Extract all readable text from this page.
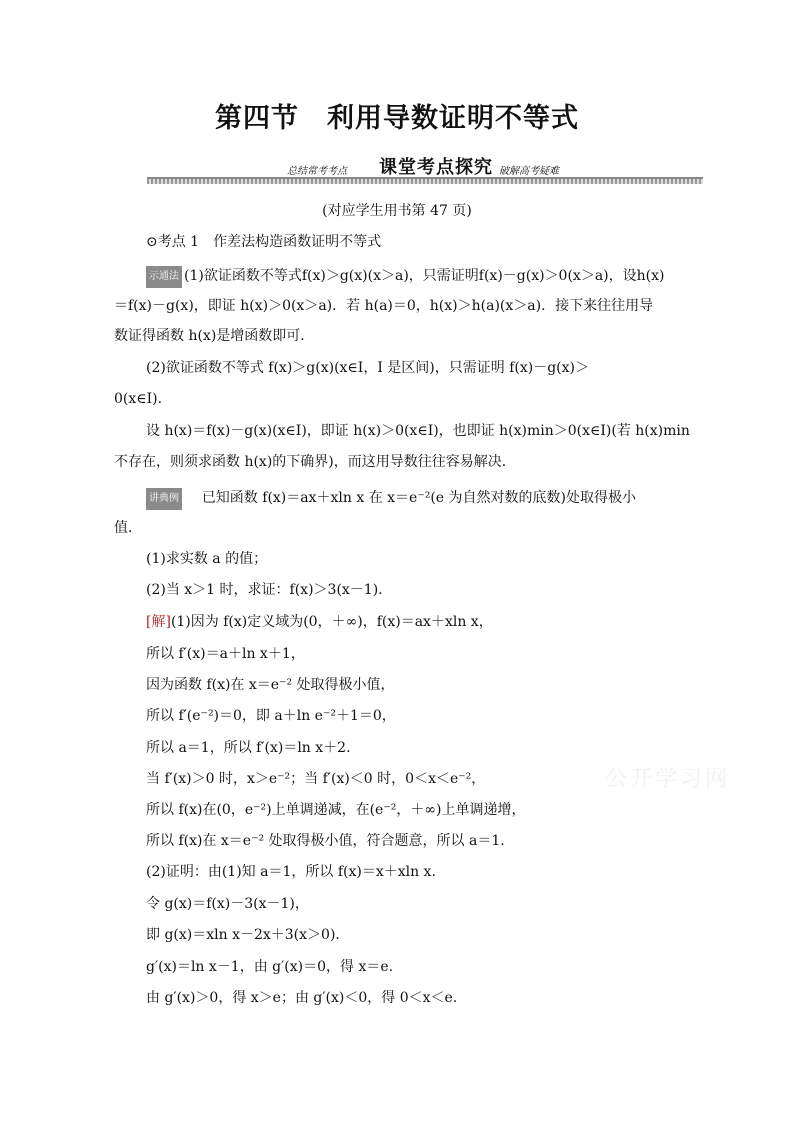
第四节　利用导数证明不等式
总结常考考点 课堂考点探究 破解高考疑难
(对应学生用书第 47 页)
⊙考点 1　作差法构造函数证明不等式
示通法 (1)欲证函数不等式f(x)＞g(x)(x＞a)，只需证明f(x)－g(x)＞0(x＞a)，设h(x)
＝f(x)－g(x)，即证 h(x)＞0(x＞a)．若 h(a)＝0，h(x)＞h(a)(x＞a)．接下来往往用导
数证得函数 h(x)是增函数即可．
(2)欲证函数不等式 f(x)＞g(x)(x∈I，I 是区间)，只需证明 f(x)－g(x)＞
0(x∈I).
设 h(x)＝f(x)－g(x)(x∈I)，即证 h(x)＞0(x∈I)，也即证 h(x)min＞0(x∈I)(若 h(x)min
不存在，则须求函数 h(x)的下确界)，而这用导数往往容易解决．
讲典例 已知函数 f(x)＝ax＋xln x 在 x＝e⁻²(e 为自然对数的底数)处取得极小
值．
(1)求实数 a 的值；
(2)当 x＞1 时，求证：f(x)＞3(x－1).
[解](1)因为 f(x)定义域为(0，＋∞)，f(x)＝ax＋xln x，
所以 f′(x)＝a＋ln x＋1，
因为函数 f(x)在 x＝e⁻² 处取得极小值，
所以 f′(e⁻²)＝0，即 a＋ln e⁻²＋1＝0，
所以 a＝1，所以 f′(x)＝ln x＋2.
当 f′(x)＞0 时，x＞e⁻²；当 f′(x)＜0 时，0＜x＜e⁻²，
所以 f(x)在(0，e⁻²)上单调递减，在(e⁻²，＋∞)上单调递增，
所以 f(x)在 x＝e⁻² 处取得极小值，符合题意，所以 a＝1.
(2)证明：由(1)知 a＝1，所以 f(x)＝x＋xln x.
令 g(x)＝f(x)－3(x－1)，
即 g(x)＝xln x－2x＋3(x＞0)．
g′(x)＝ln x－1，由 g′(x)＝0，得 x＝e.
由 g′(x)＞0，得 x＞e；由 g′(x)＜0，得 0＜x＜e.
公开学习网
